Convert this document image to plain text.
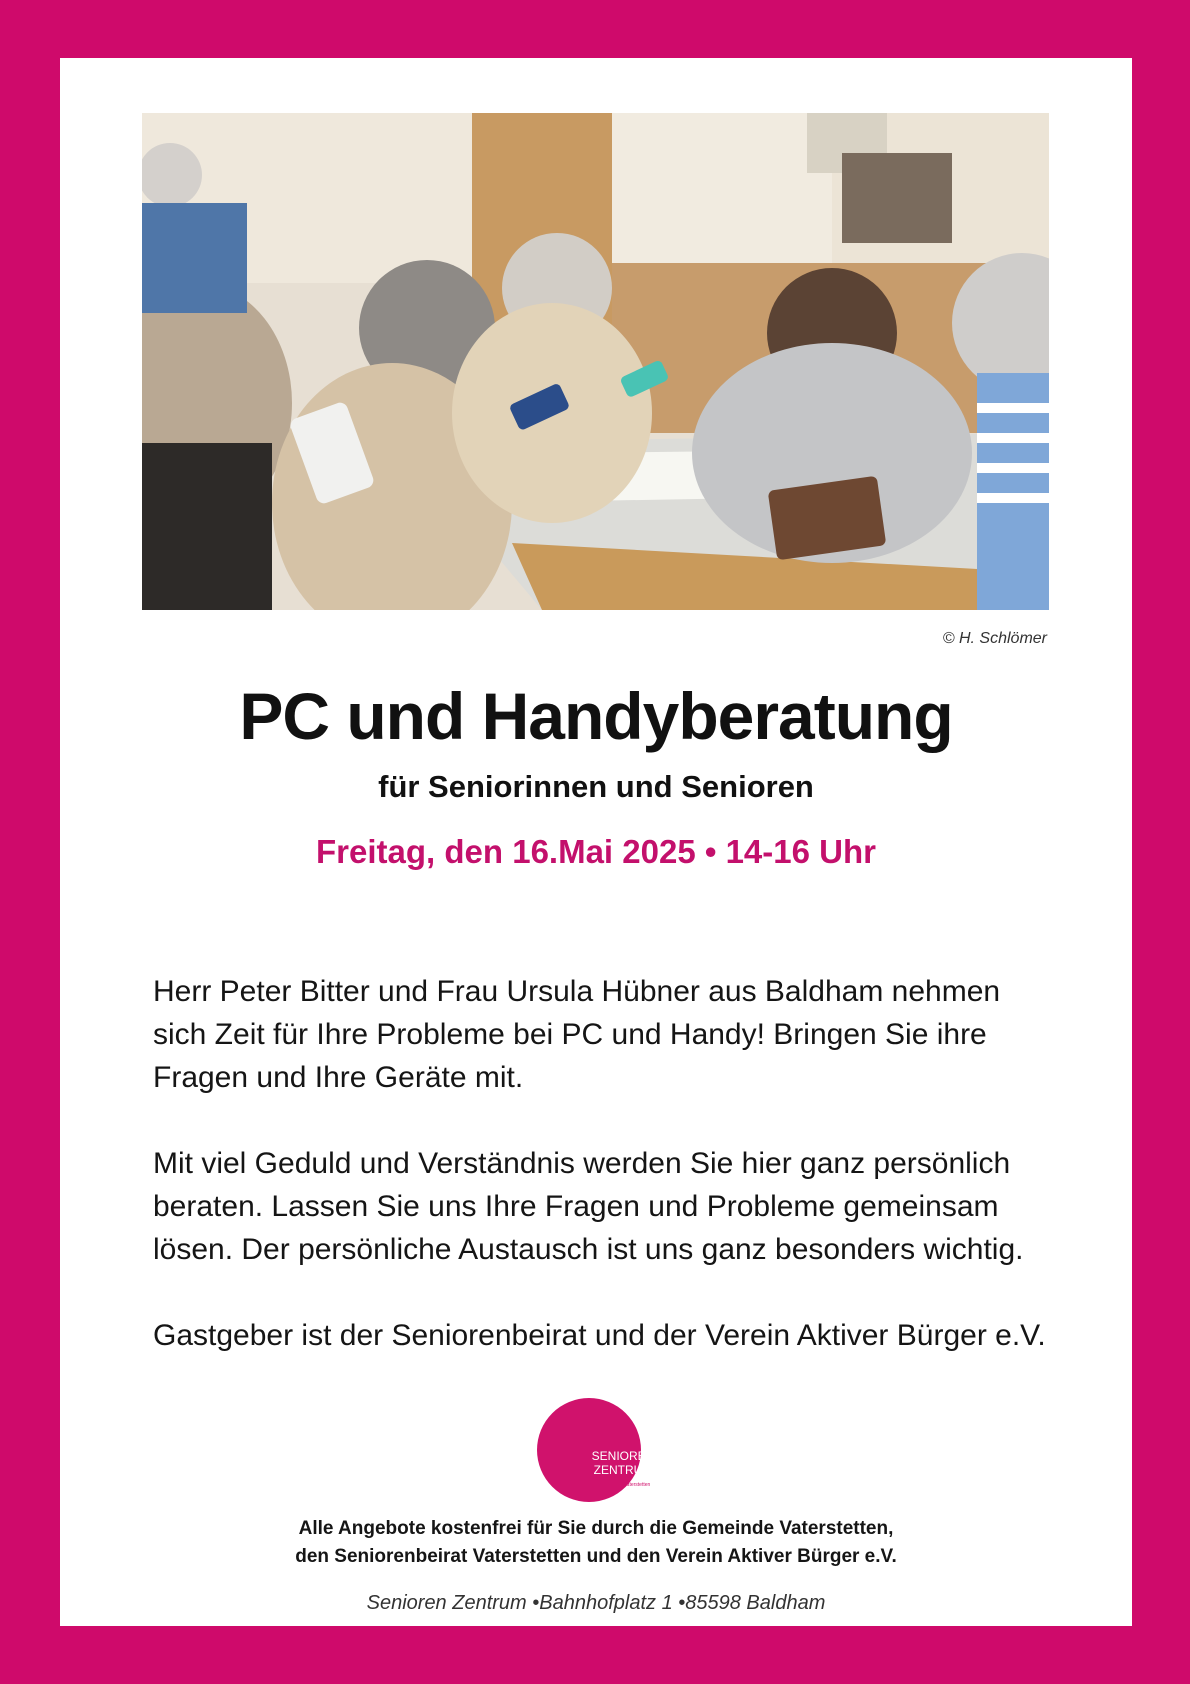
© H. Schlömer
PC und Handyberatung
für Seniorinnen und Senioren
Freitag, den 16.Mai 2025 • 14-16 Uhr

Herr Peter Bitter und Frau Ursula Hübner aus Baldham nehmen sich Zeit für Ihre Probleme bei PC und Handy! Bringen Sie ihre Fragen und Ihre Geräte mit.

Mit viel Geduld und Verständnis werden Sie hier ganz persönlich beraten. Lassen Sie uns Ihre Fragen und Probleme gemeinsam lösen. Der persönliche Austausch ist uns ganz besonders wichtig.

Gastgeber ist der Seniorenbeirat und der Verein Aktiver Bürger e.V.

SENIOREN
ZENTRUM
Vaterstetten
Alle Angebote kostenfrei für Sie durch die Gemeinde Vaterstetten,
den Seniorenbeirat Vaterstetten und den Verein Aktiver Bürger e.V.
Senioren Zentrum •Bahnhofplatz 1 •85598 Baldham
